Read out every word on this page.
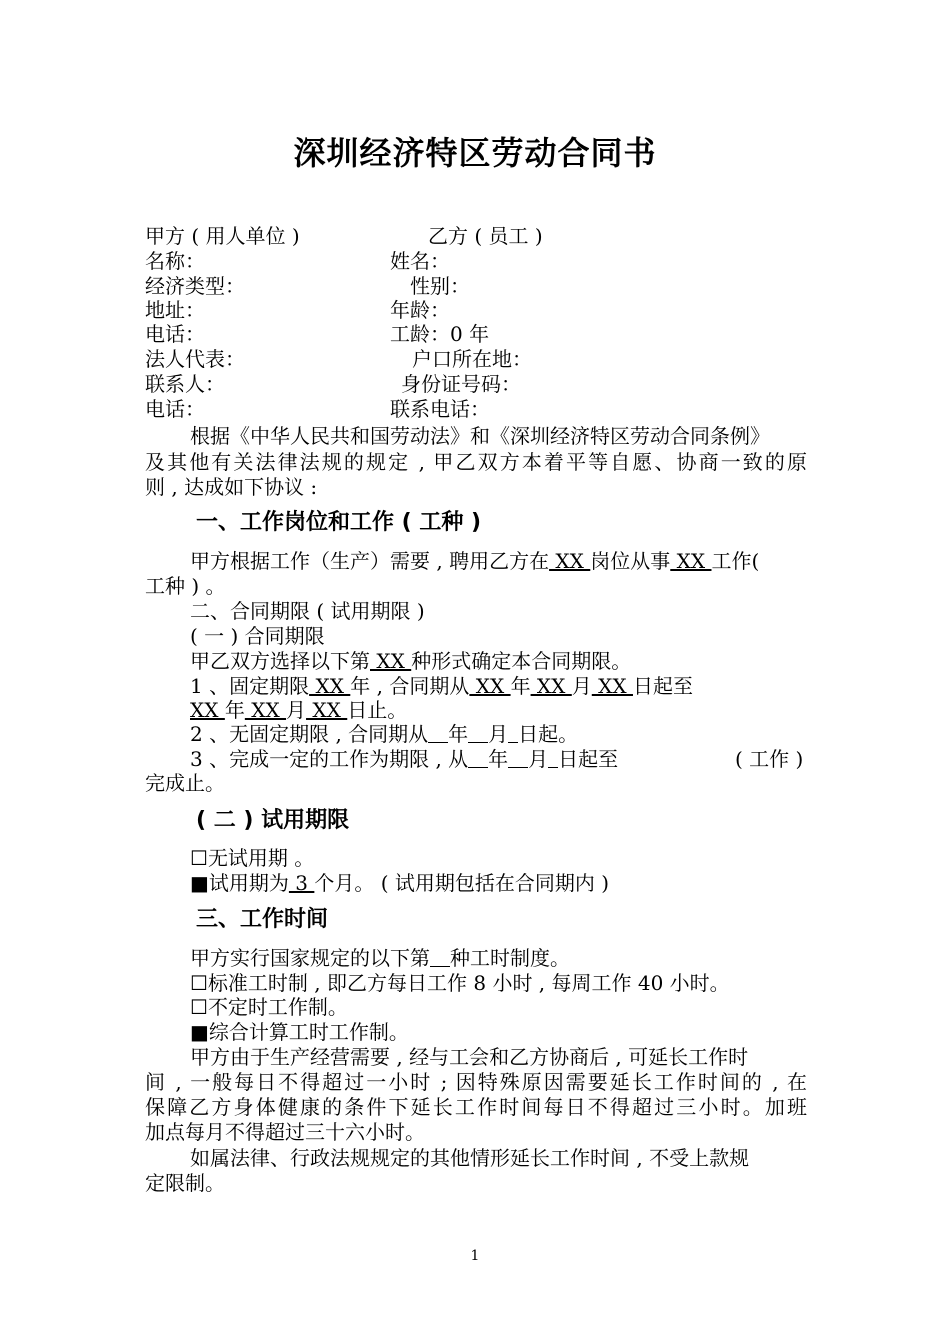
深圳经济特区劳动合同书
甲方 ( 用人单位 )	乙方 ( 员工 )
名称：	姓名：
经济类型：	性别：
地址：	年龄：
电话：	工龄：0 年
法人代表：	户口所在地：
联系人：	身份证号码：
电话：	联系电话：
根据《中华人民共和国劳动法》和《深圳经济特区劳动合同条例》
及其他有关法律法规的规定 , 甲乙双方本着平等自愿、协商一致的原
则 , 达成如下协议 :
一、工作岗位和工作 ( 工种 )
甲方根据工作（生产）需要 , 聘用乙方在 XX 岗位从事 XX 工作(
工种 ) 。
二、合同期限 ( 试用期限 )
( 一 ) 合同期限
甲乙双方选择以下第 XX 种形式确定本合同期限。
1 、固定期限 XX 年 , 合同期从 XX 年 XX 月 XX 日起至
XX 年 XX 月 XX 日止。
2 、无固定期限 , 合同期从 年 月 日起。
3 、完成一定的工作为期限 , 从 年 月 日起至	( 工作 )
完成止。
( 二 ) 试用期限
☐无试用期 。
■试用期为 3 个月。 ( 试用期包括在合同期内 )
三、工作时间
甲方实行国家规定的以下第 种工时制度。
☐标准工时制 , 即乙方每日工作 8 小时 , 每周工作 40 小时。
☐不定时工作制。
■综合计算工时工作制。
甲方由于生产经营需要 , 经与工会和乙方协商后 , 可延长工作时
间 , 一般每日不得超过一小时 ; 因特殊原因需要延长工作时间的 , 在
保障乙方身体健康的条件下延长工作时间每日不得超过三小时。加班
加点每月不得超过三十六小时。
如属法律、行政法规规定的其他情形延长工作时间 , 不受上款规
定限制。
1
